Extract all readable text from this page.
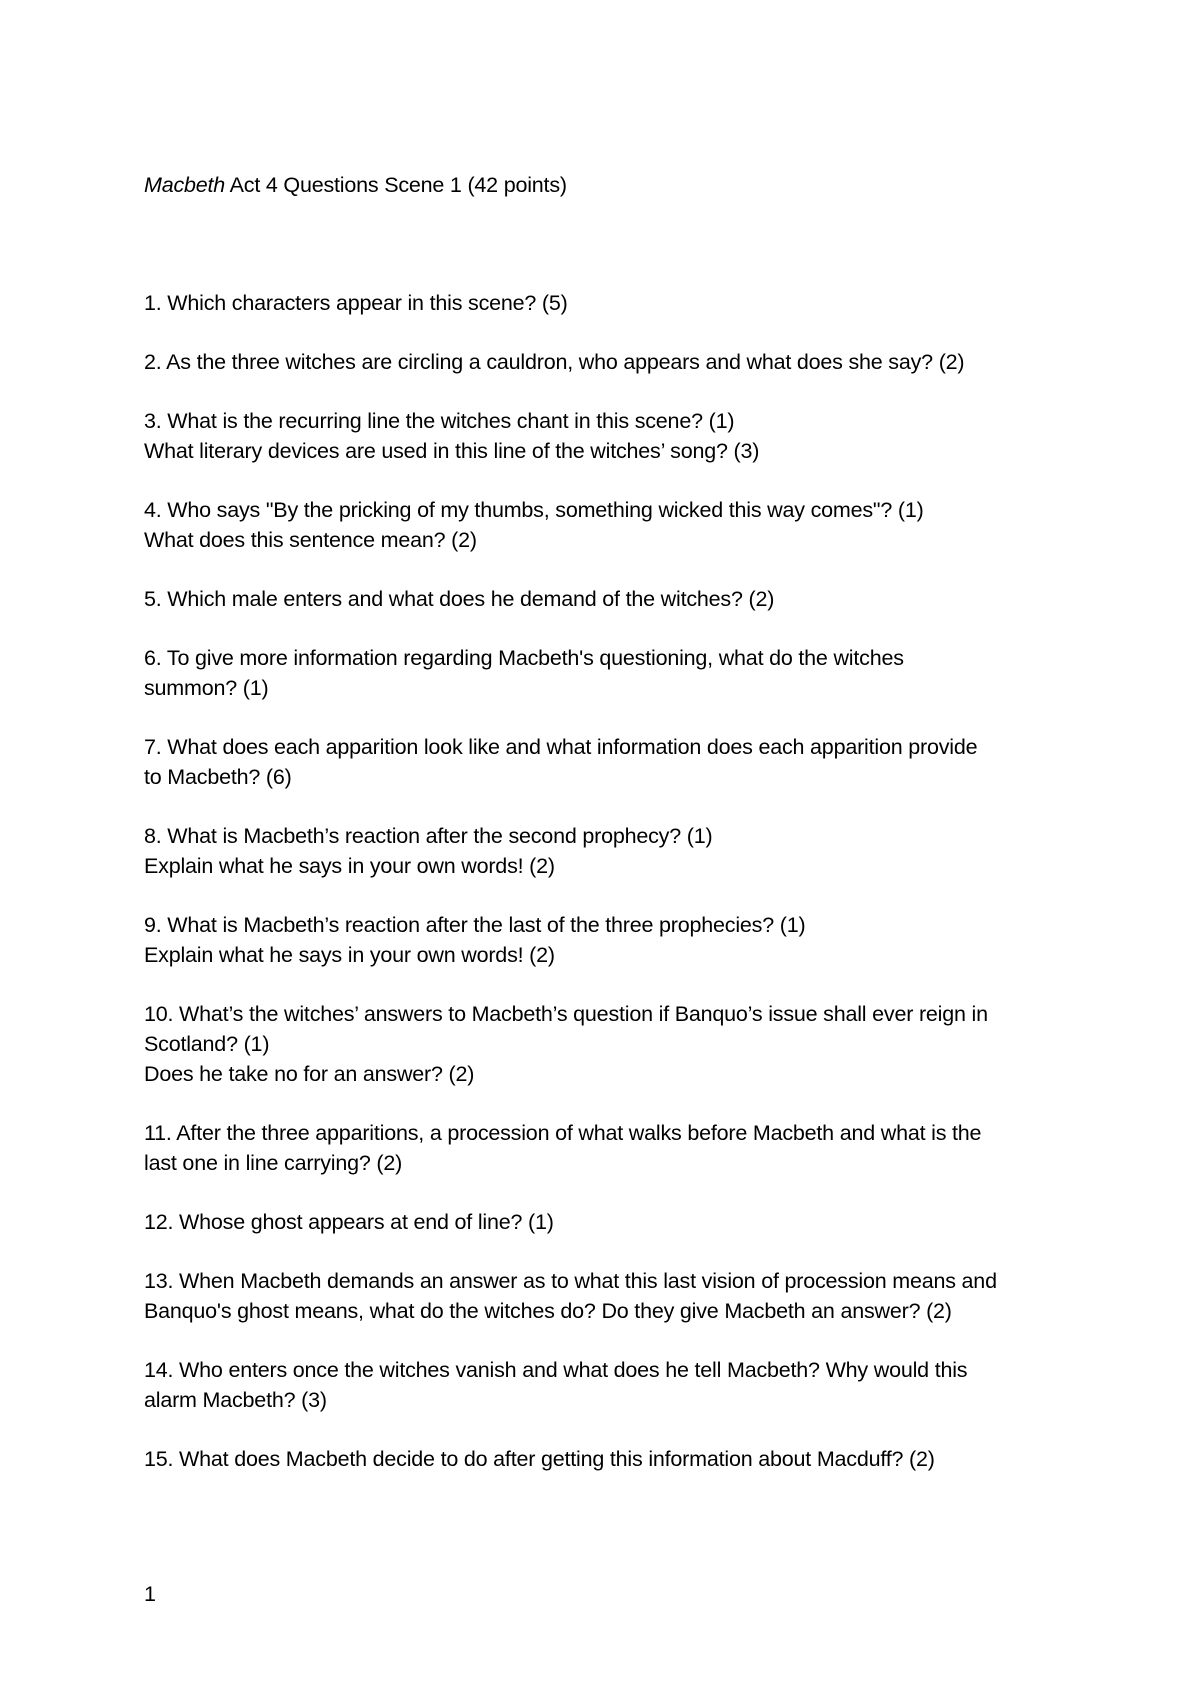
Macbeth Act 4 Questions Scene 1 (42 points)
1. Which characters appear in this scene? (5)
2. As the three witches are circling a cauldron, who appears and what does she say? (2)
3. What is the recurring line the witches chant in this scene? (1)
What literary devices are used in this line of the witches’ song? (3)
4. Who says "By the pricking of my thumbs, something wicked this way comes"? (1)
What does this sentence mean? (2)
5. Which male enters and what does he demand of the witches? (2)
6. To give more information regarding Macbeth's questioning, what do the witches
summon? (1)
7. What does each apparition look like and what information does each apparition provide
to Macbeth? (6)
8. What is Macbeth’s reaction after the second prophecy? (1)
Explain what he says in your own words! (2)
9. What is Macbeth’s reaction after the last of the three prophecies? (1)
Explain what he says in your own words! (2)
10. What’s the witches’ answers to Macbeth’s question if Banquo’s issue shall ever reign in
Scotland? (1)
Does he take no for an answer? (2)
11. After the three apparitions, a procession of what walks before Macbeth and what is the
last one in line carrying? (2)
12. Whose ghost appears at end of line? (1)
13. When Macbeth demands an answer as to what this last vision of procession means and
Banquo's ghost means, what do the witches do? Do they give Macbeth an answer? (2)
14. Who enters once the witches vanish and what does he tell Macbeth? Why would this
alarm Macbeth? (3)
15. What does Macbeth decide to do after getting this information about Macduff? (2)
1
